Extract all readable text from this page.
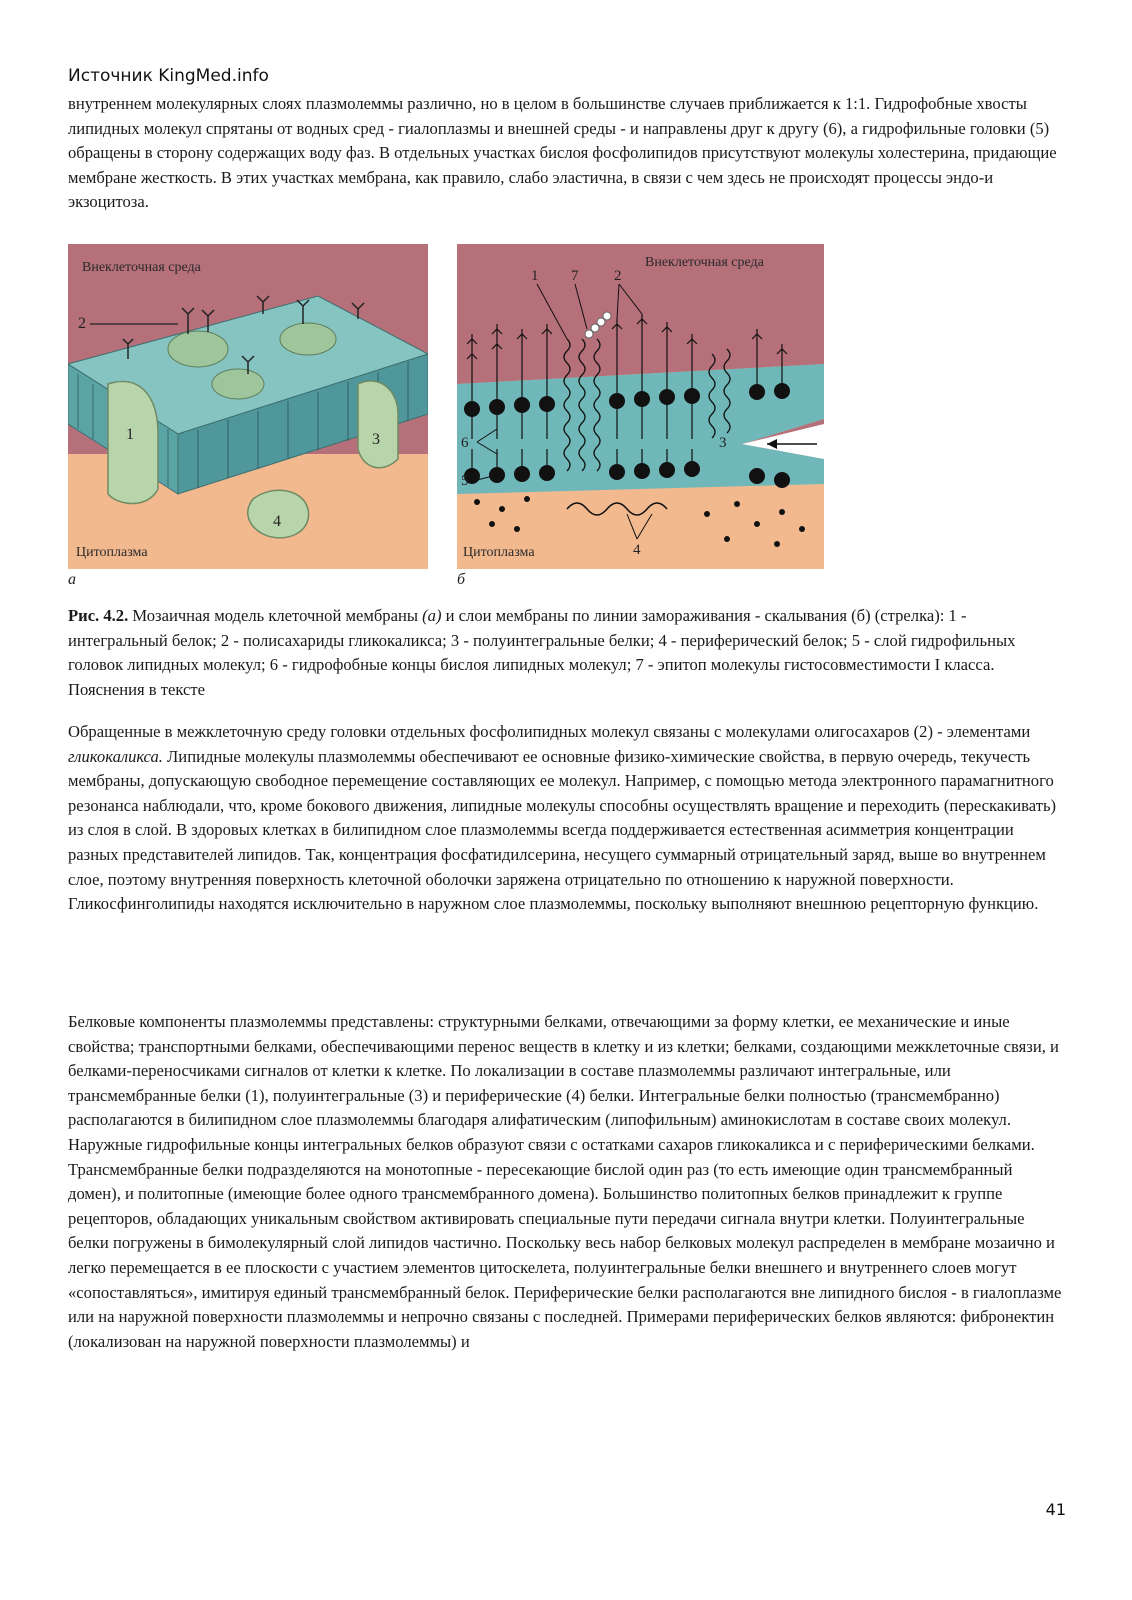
Источник KingMed.info

внутреннем молекулярных слоях плазмолеммы различно, но в целом в большинстве случаев приближается к 1:1. Гидрофобные хвосты липидных молекул спрятаны от водных сред - гиалоплазмы и внешней среды - и направлены друг к другу (6), а гидрофильные головки (5) обращены в сторону содержащих воду фаз. В отдельных участках бислоя фосфолипидов присутствуют молекулы холестерина, придающие мембране жесткость. В этих участках мембрана, как правило, слабо эластична, в связи с чем здесь не происходят процессы эндо-и экзоцитоза.

Внеклеточная среда
Цитоплазма
1
2
3
4
Внеклеточная среда
Цитоплазма
1 7 2
6
5
3
4
а	б

Рис. 4.2. Мозаичная модель клеточной мембраны (а) и слои мембраны по линии замораживания - скалывания (б) (стрелка): 1 - интегральный белок; 2 - полисахариды гликокаликса; 3 - полуинтегральные белки; 4 - периферический белок; 5 - слой гидрофильных головок липидных молекул; 6 - гидрофобные концы бислоя липидных молекул; 7 - эпитоп молекулы гистосовместимости I класса. Пояснения в тексте

Обращенные в межклеточную среду головки отдельных фосфолипидных молекул связаны с молекулами олигосахаров (2) - элементами гликокаликса. Липидные молекулы плазмолеммы обеспечивают ее основные физико-химические свойства, в первую очередь, текучесть мембраны, допускающую свободное перемещение составляющих ее молекул. Например, с помощью метода электронного парамагнитного резонанса наблюдали, что, кроме бокового движения, липидные молекулы способны осуществлять вращение и переходить (перескакивать) из слоя в слой. В здоровых клетках в билипидном слое плазмолеммы всегда поддерживается естественная асимметрия концентрации разных представителей липидов. Так, концентрация фосфатидилсерина, несущего суммарный отрицательный заряд, выше во внутреннем слое, поэтому внутренняя поверхность клеточной оболочки заряжена отрицательно по отношению к наружной поверхности. Гликосфинголипиды находятся исключительно в наружном слое плазмолеммы, поскольку выполняют внешнюю рецепторную функцию.

Белковые компоненты плазмолеммы представлены: структурными белками, отвечающими за форму клетки, ее механические и иные свойства; транспортными белками, обеспечивающими перенос веществ в клетку и из клетки; белками, создающими межклеточные связи, и белками-переносчиками сигналов от клетки к клетке. По локализации в составе плазмолеммы различают интегральные, или трансмембранные белки (1), полуинтегральные (3) и периферические (4) белки. Интегральные белки полностью (трансмембранно) располагаются в билипидном слое плазмолеммы благодаря алифатическим (липофильным) аминокислотам в составе своих молекул. Наружные гидрофильные концы интегральных белков образуют связи с остатками сахаров гликокаликса и с периферическими белками. Трансмембранные белки подразделяются на монотопные - пересекающие бислой один раз (то есть имеющие один трансмембранный домен), и политопные (имеющие более одного трансмембранного домена). Большинство политопных белков принадлежит к группе рецепторов, обладающих уникальным свойством активировать специальные пути передачи сигнала внутри клетки. Полуинтегральные белки погружены в бимолекулярный слой липидов частично. Поскольку весь набор белковых молекул распределен в мембране мозаично и легко перемещается в ее плоскости с участием элементов цитоскелета, полуинтегральные белки внешнего и внутреннего слоев могут «сопоставляться», имитируя единый трансмембранный белок. Периферические белки располагаются вне липидного бислоя - в гиалоплазме или на наружной поверхности плазмолеммы и непрочно связаны с последней. Примерами периферических белков являются: фибронектин (локализован на наружной поверхности плазмолеммы) и

41
